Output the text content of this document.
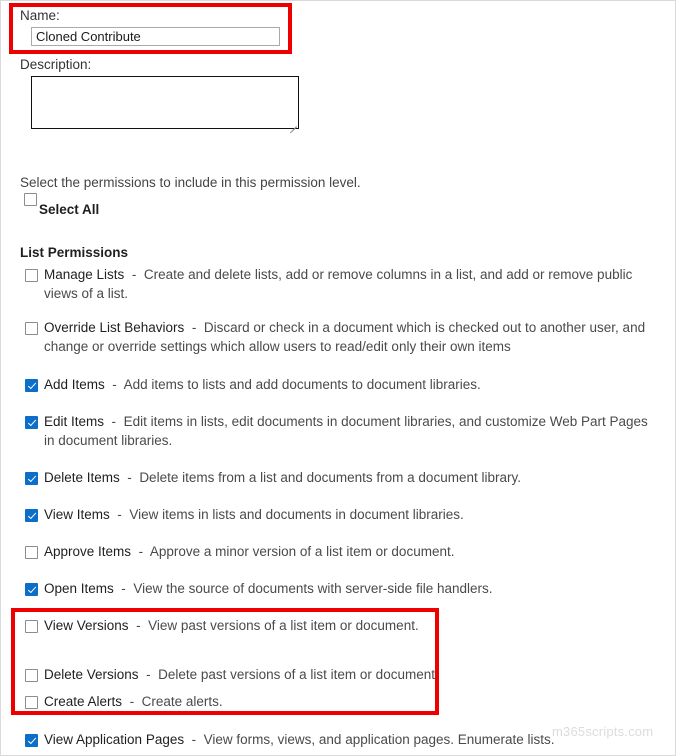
Name:
Cloned Contribute
Description:
Select the permissions to include in this permission level.
Select All
List Permissions
Manage Lists - Create and delete lists, add or remove columns in a list, and add or remove public views of a list.
Override List Behaviors - Discard or check in a document which is checked out to another user, and change or override settings which allow users to read/edit only their own items
Add Items - Add items to lists and add documents to document libraries.
Edit Items - Edit items in lists, edit documents in document libraries, and customize Web Part Pages in document libraries.
Delete Items - Delete items from a list and documents from a document library.
View Items - View items in lists and documents in document libraries.
Approve Items - Approve a minor version of a list item or document.
Open Items - View the source of documents with server-side file handlers.
View Versions - View past versions of a list item or document.
Delete Versions - Delete past versions of a list item or document.
Create Alerts - Create alerts.
View Application Pages - View forms, views, and application pages. Enumerate lists.
m365scripts.com
